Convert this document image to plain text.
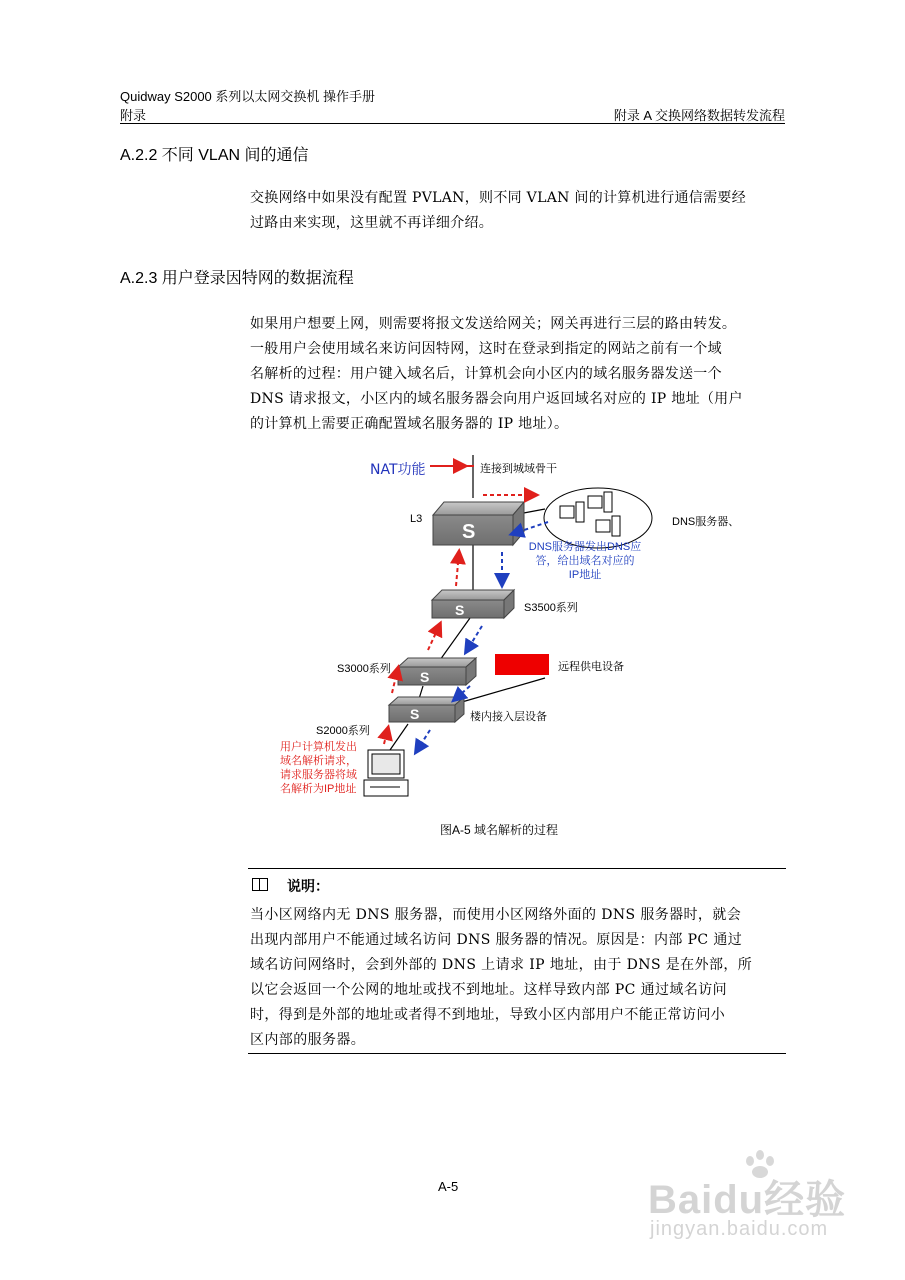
Quidway S2000 系列以太网交换机 操作手册
附录	附录 A 交换网络数据转发流程
A.2.2 不同 VLAN 间的通信
交换网络中如果没有配置 PVLAN，则不同 VLAN 间的计算机进行通信需要经
过路由来实现，这里就不再详细介绍。
A.2.3 用户登录因特网的数据流程
如果用户想要上网，则需要将报文发送给网关；网关再进行三层的路由转发。
一般用户会使用域名来访问因特网，这时在登录到指定的网站之前有一个域
名解析的过程：用户键入域名后，计算机会向小区内的域名服务器发送一个
DNS 请求报文，小区内的域名服务器会向用户返回域名对应的 IP 地址（用户
的计算机上需要正确配置域名服务器的 IP 地址）。
S
S
S
S
NAT功能	连接到城域骨干
L3	DNS服务器、
DNS服务器发出DNS应
答，给出域名对应的
IP地址
S3500系列
S3000系列	远程供电设备
楼内接入层设备
S2000系列
用户计算机发出
域名解析请求，
请求服务器将域
名解析为IP地址
图A-5 域名解析的过程
说明：
当小区网络内无 DNS 服务器，而使用小区网络外面的 DNS 服务器时，就会
出现内部用户不能通过域名访问 DNS 服务器的情况。原因是：内部 PC 通过
域名访问网络时，会到外部的 DNS 上请求 IP 地址，由于 DNS 是在外部，所
以它会返回一个公网的地址或找不到地址。这样导致内部 PC 通过域名访问
时，得到是外部的地址或者得不到地址，导致小区内部用户不能正常访问小
区内部的服务器。
A-5	Baidu经验
jingyan.baidu.com
